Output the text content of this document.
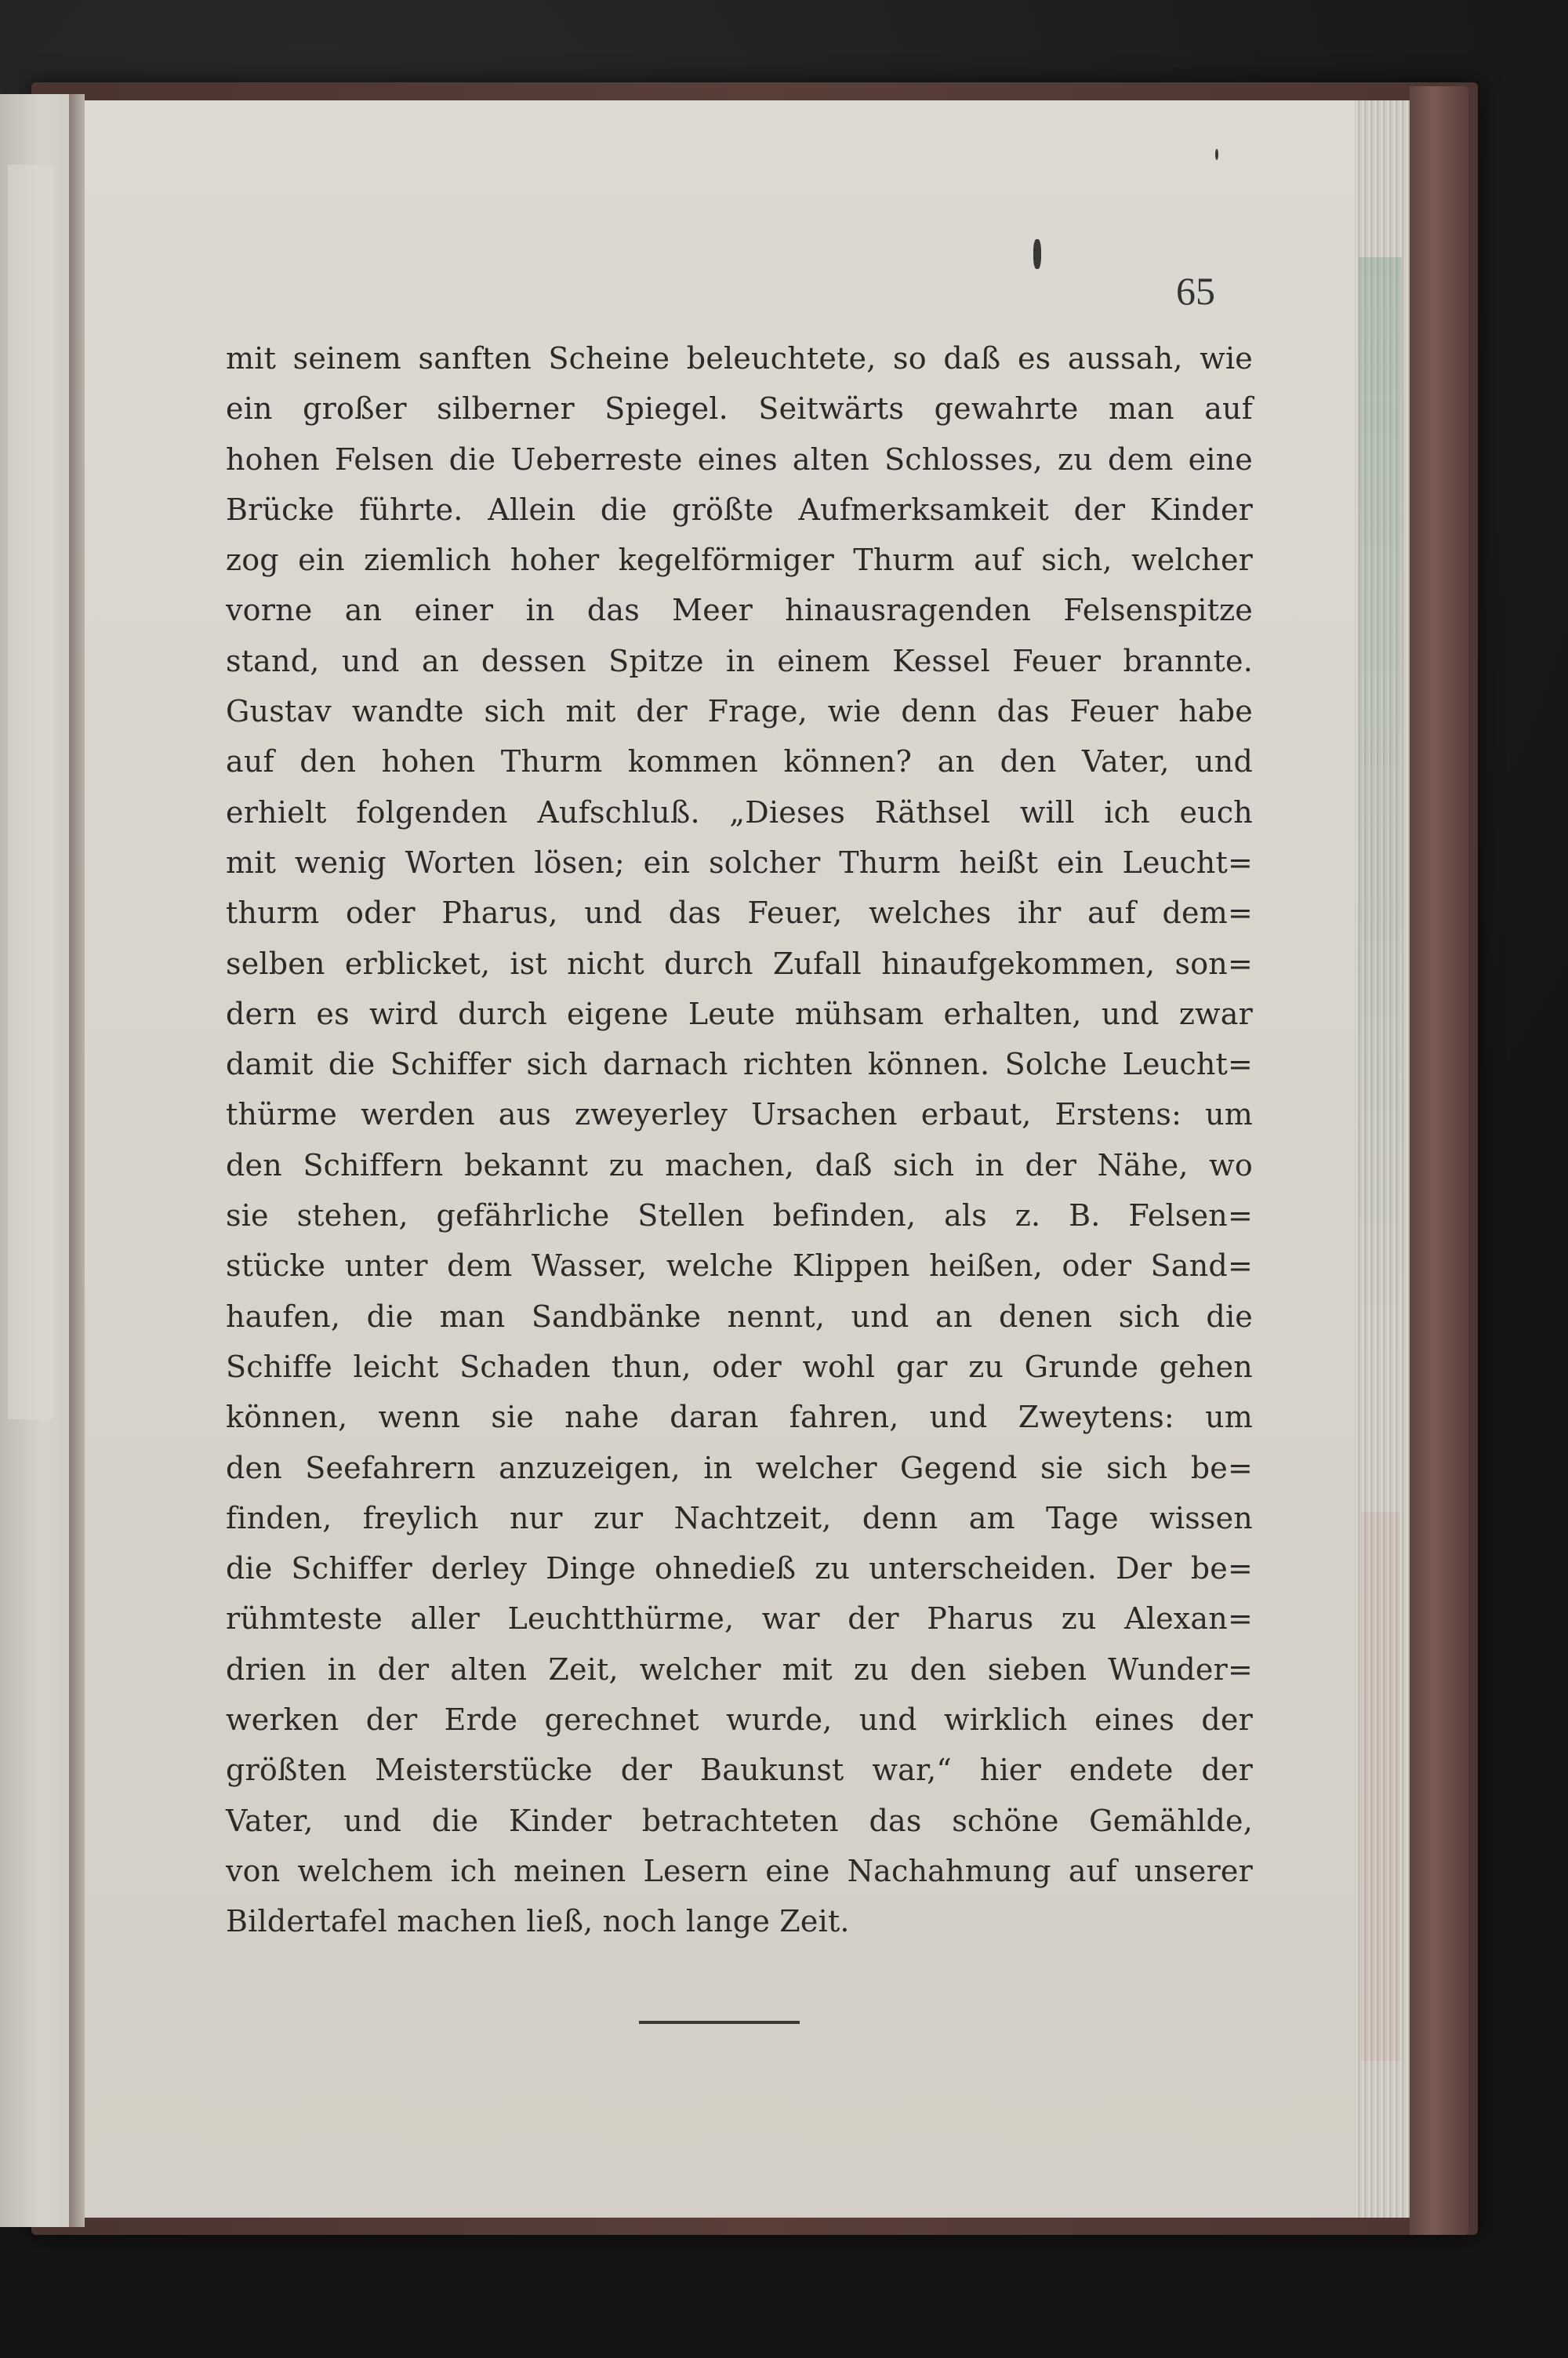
65
mit seinem sanften Scheine beleuchtete, so daß es aussah, wie
ein großer silberner Spiegel. Seitwärts gewahrte man auf
hohen Felsen die Ueberreste eines alten Schlosses, zu dem eine
Brücke führte. Allein die größte Aufmerksamkeit der Kinder
zog ein ziemlich hoher kegelförmiger Thurm auf sich, welcher
vorne an einer in das Meer hinausragenden Felsenspitze
stand, und an dessen Spitze in einem Kessel Feuer brannte.
Gustav wandte sich mit der Frage, wie denn das Feuer habe
auf den hohen Thurm kommen können? an den Vater, und
erhielt folgenden Aufschluß. „Dieses Räthsel will ich euch
mit wenig Worten lösen; ein solcher Thurm heißt ein Leucht=
thurm oder Pharus, und das Feuer, welches ihr auf dem=
selben erblicket, ist nicht durch Zufall hinaufgekommen, son=
dern es wird durch eigene Leute mühsam erhalten, und zwar
damit die Schiffer sich darnach richten können. Solche Leucht=
thürme werden aus zweyerley Ursachen erbaut, Erstens: um
den Schiffern bekannt zu machen, daß sich in der Nähe, wo
sie stehen, gefährliche Stellen befinden, als z. B. Felsen=
stücke unter dem Wasser, welche Klippen heißen, oder Sand=
haufen, die man Sandbänke nennt, und an denen sich die
Schiffe leicht Schaden thun, oder wohl gar zu Grunde gehen
können, wenn sie nahe daran fahren, und Zweytens: um
den Seefahrern anzuzeigen, in welcher Gegend sie sich be=
finden, freylich nur zur Nachtzeit, denn am Tage wissen
die Schiffer derley Dinge ohnedieß zu unterscheiden. Der be=
rühmteste aller Leuchtthürme, war der Pharus zu Alexan=
drien in der alten Zeit, welcher mit zu den sieben Wunder=
werken der Erde gerechnet wurde, und wirklich eines der
größten Meisterstücke der Baukunst war,“ hier endete der
Vater, und die Kinder betrachteten das schöne Gemählde,
von welchem ich meinen Lesern eine Nachahmung auf unserer
Bildertafel machen ließ, noch lange Zeit.
